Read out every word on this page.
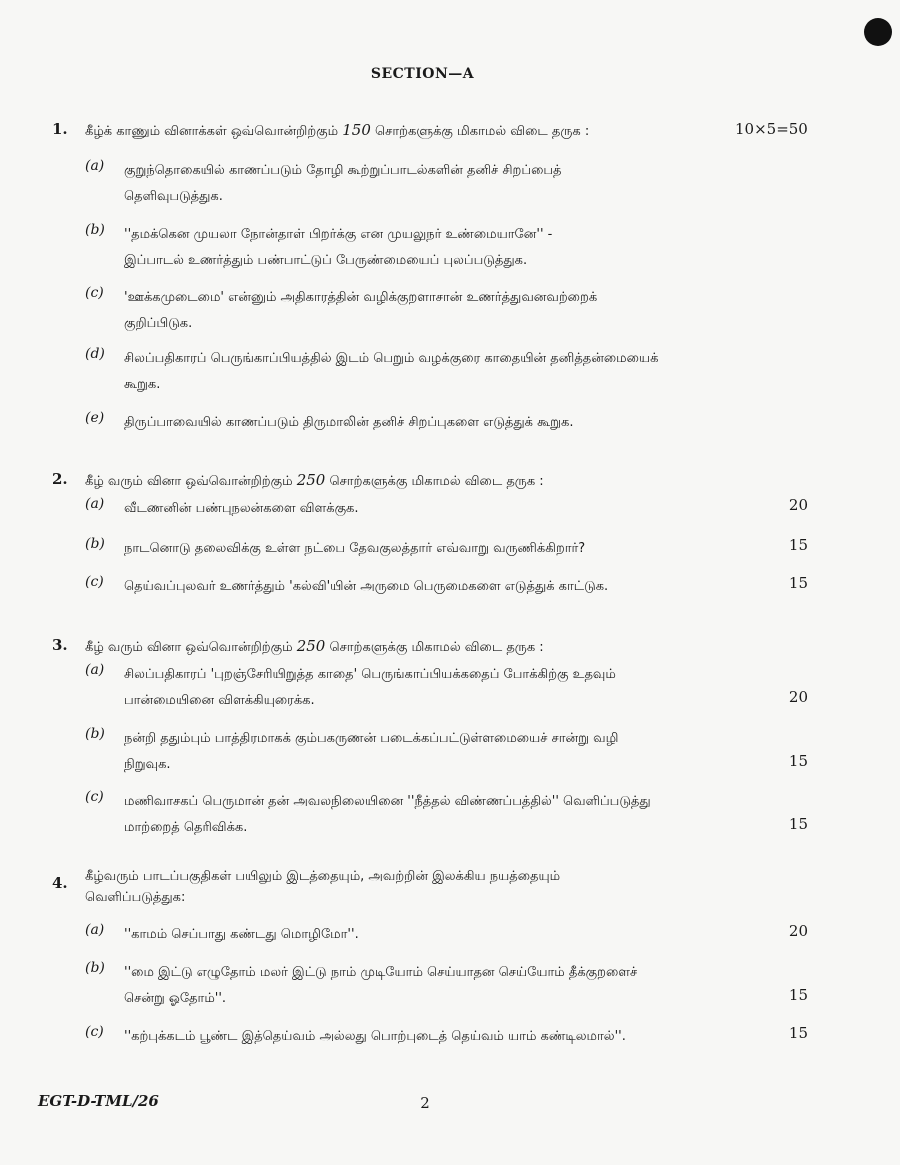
SECTION—A
1. கீழ்க் காணும் வினாக்கள் ஒவ்வொன்றிற்கும் 150 சொற்களுக்கு மிகாமல் விடை தருக :	10×5=50
(a) குறுந்தொகையில் காணப்படும் தோழி கூற்றுப்பாடல்களின் தனிச் சிறப்பைத்
தெளிவுபடுத்துக.
(b) ''தமக்கென முயலா நோன்தாள் பிறர்க்கு என முயலுநர் உண்மையானே'' -
இப்பாடல் உணர்த்தும் பண்பாட்டுப் பேருண்மையைப் புலப்படுத்துக.
(c) 'ஊக்கமுடைமை' என்னும் அதிகாரத்தின் வழிக்குறளாசான் உணர்த்துவனவற்றைக்
குறிப்பிடுக.
(d) சிலப்பதிகாரப் பெருங்காப்பியத்தில் இடம் பெறும் வழக்குரை காதையின் தனித்தன்மையைக்
கூறுக.
(e) திருப்பாவையில் காணப்படும் திருமாலின் தனிச் சிறப்புகளை எடுத்துக் கூறுக.
2. கீழ் வரும் வினா ஒவ்வொன்றிற்கும் 250 சொற்களுக்கு மிகாமல் விடை தருக :
(a) வீடணனின் பண்புநலன்களை விளக்குக.	20
(b) நாடனொடு தலைவிக்கு உள்ள நட்பை தேவகுலத்தார் எவ்வாறு வருணிக்கிறார்?	15
(c) தெய்வப்புலவர் உணர்த்தும் 'கல்வி'யின் அருமை பெருமைகளை எடுத்துக் காட்டுக.	15
3. கீழ் வரும் வினா ஒவ்வொன்றிற்கும் 250 சொற்களுக்கு மிகாமல் விடை தருக :
(a) சிலப்பதிகாரப் 'புறஞ்சேரியிறுத்த காதை' பெருங்காப்பியக்கதைப் போக்கிற்கு உதவும்
பான்மையினை விளக்கியுரைக்க.	20
(b) நன்றி ததும்பும் பாத்திரமாகக் கும்பகருணன் படைக்கப்பட்டுள்ளமையைச் சான்று வழி
நிறுவுக.	15
(c) மணிவாசகப் பெருமான் தன் அவலநிலையினை ''நீத்தல் விண்ணப்பத்தில்'' வெளிப்படுத்து
மாற்றைத் தெரிவிக்க.	15
4. கீழ்வரும் பாடப்பகுதிகள் பயிலும் இடத்தையும், அவற்றின் இலக்கிய நயத்தையும்
வெளிப்படுத்துக:
(a) ''காமம் செப்பாது கண்டது மொழிமோ''.	20
(b) ''மை இட்டு எழுதோம் மலர் இட்டு நாம் முடியோம் செய்யாதன செய்யோம் தீக்குறளைச்
சென்று ஓதோம்''.	15
(c) ''கற்புக்கடம் பூண்ட இத்தெய்வம் அல்லது பொற்புடைத் தெய்வம் யாம் கண்டிலமால்''.	15
EGT-D-TML/26	2
